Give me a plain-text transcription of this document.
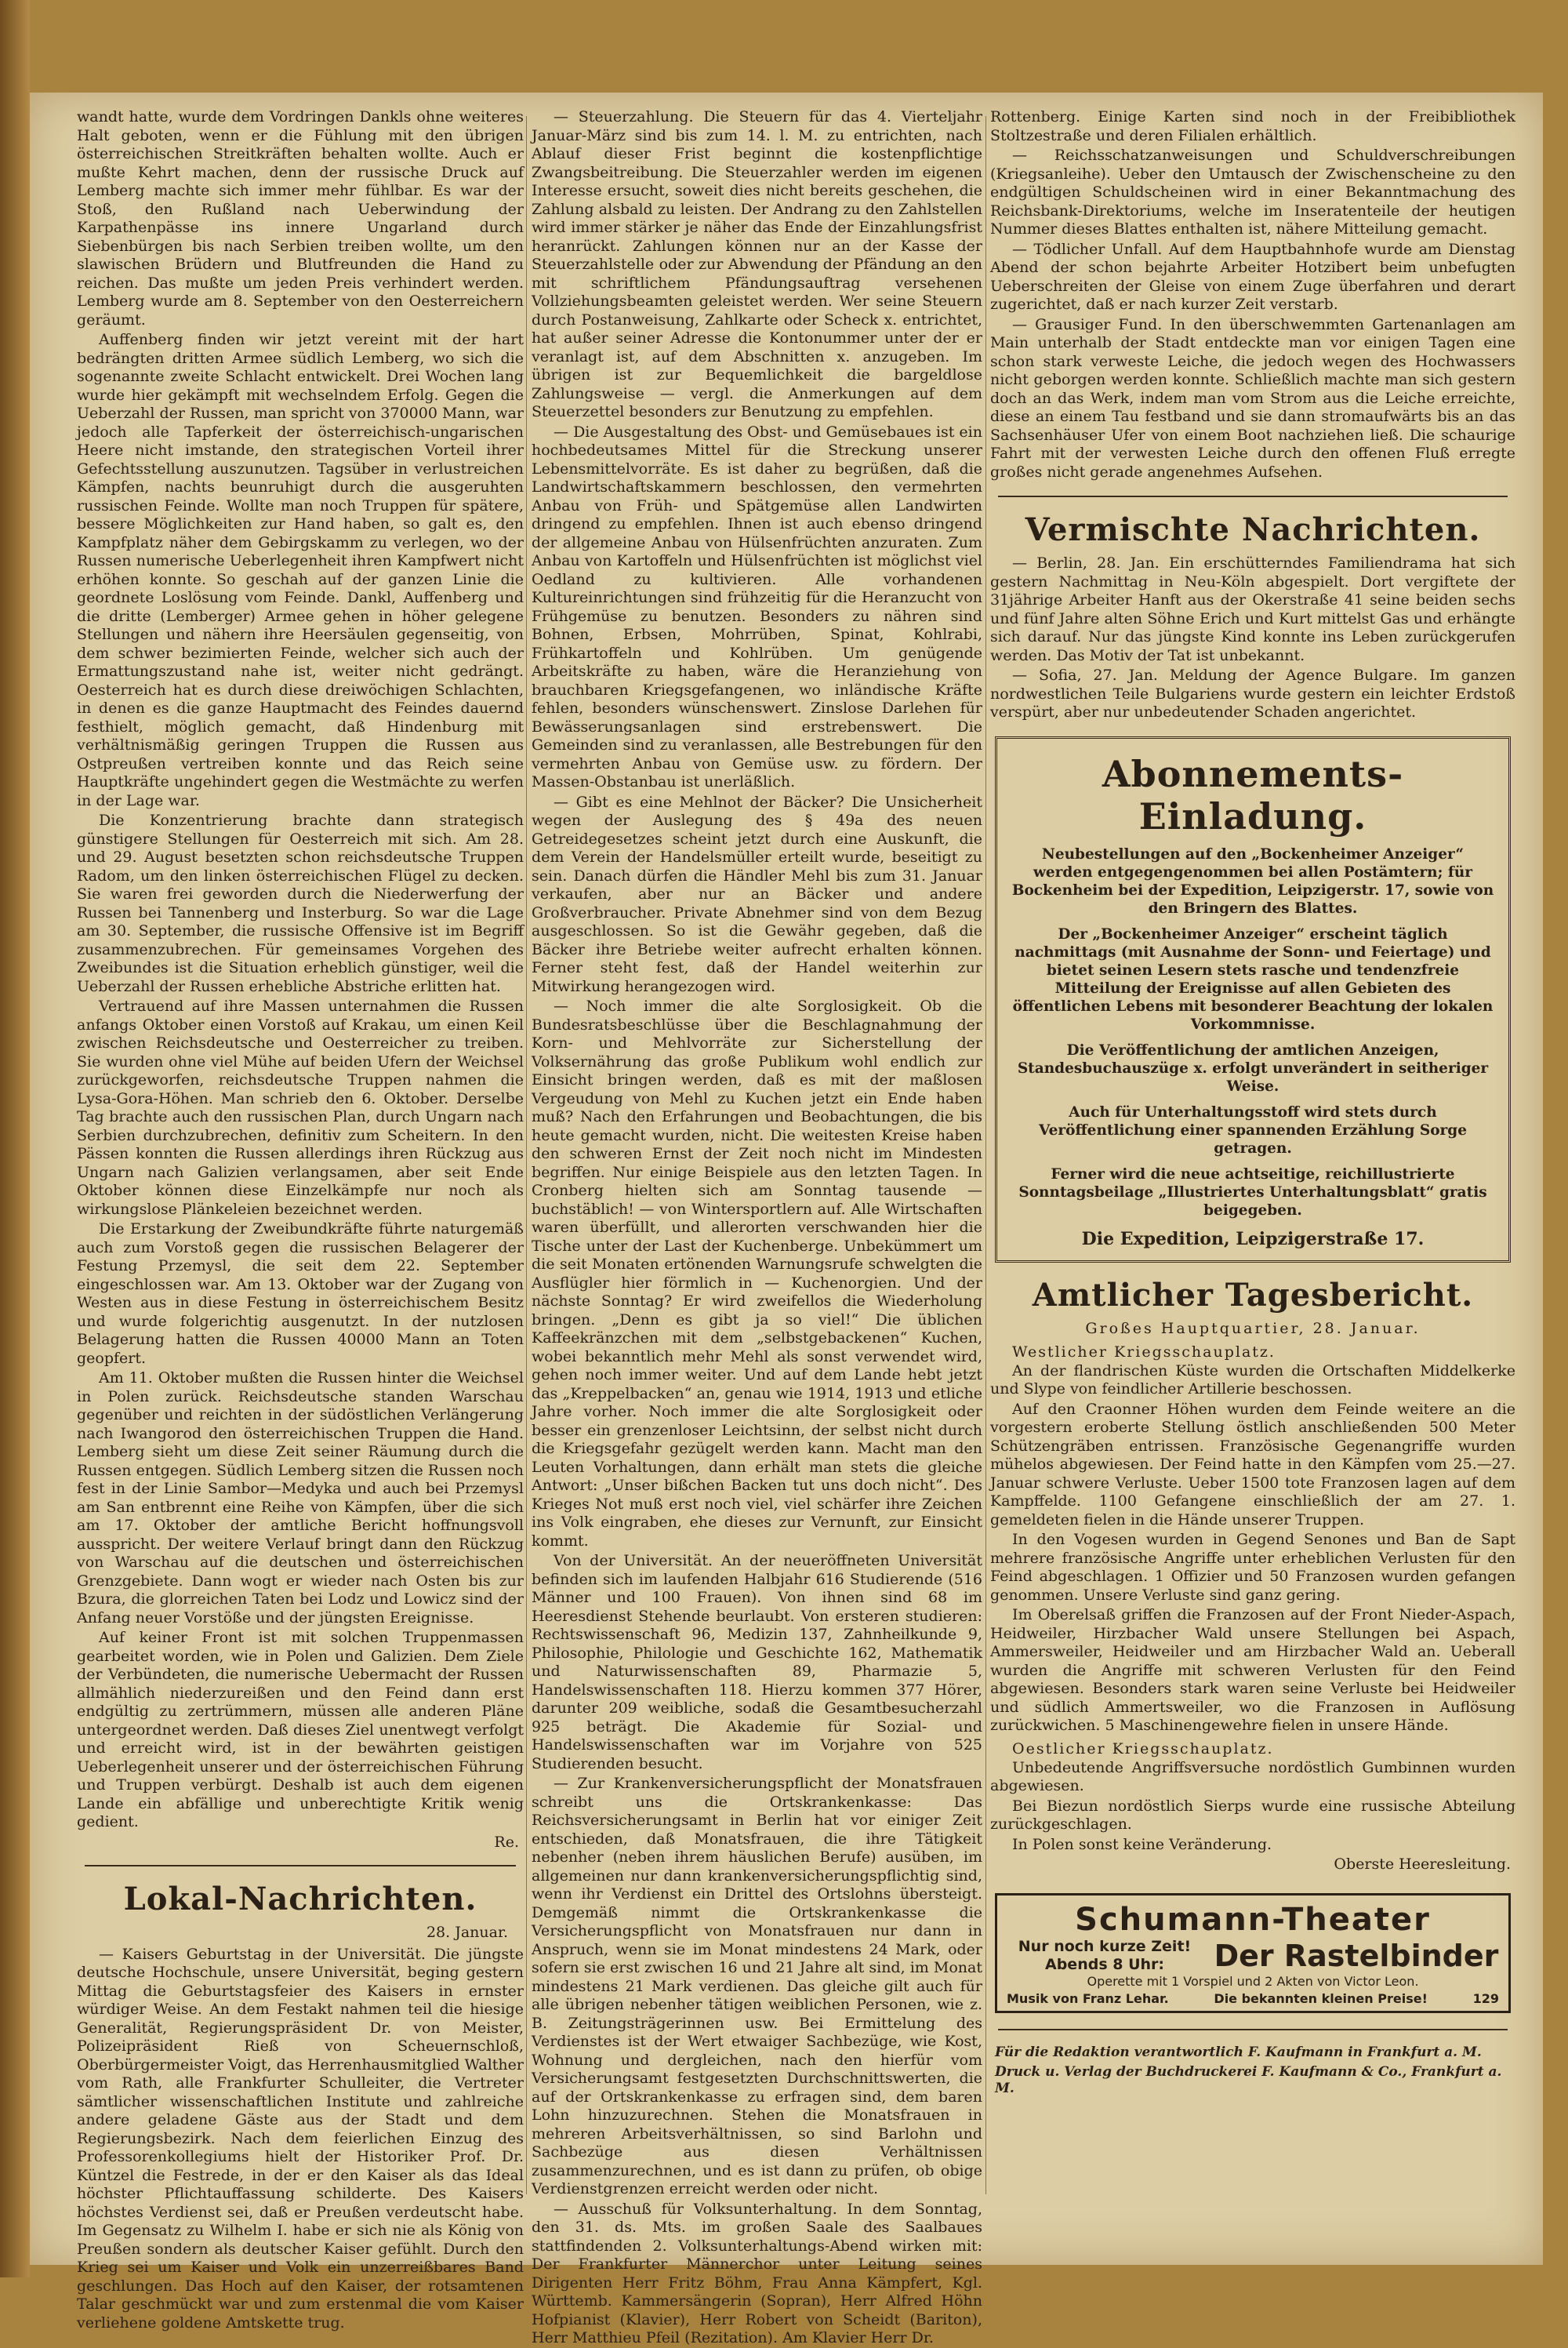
wandt hatte, wurde dem Vordringen Dankls ohne weiteres Halt geboten, wenn er die Fühlung mit den übrigen österreichischen Streitkräften behalten wollte. Auch er mußte Kehrt machen, denn der russische Druck auf Lemberg machte sich immer mehr fühlbar. Es war der Stoß, den Rußland nach Ueberwindung der Karpathenpässe ins innere Ungarland durch Siebenbürgen bis nach Serbien treiben wollte, um den slawischen Brüdern und Blutfreunden die Hand zu reichen. Das mußte um jeden Preis verhindert werden. Lemberg wurde am 8. September von den Oesterreichern geräumt.

Auffenberg finden wir jetzt vereint mit der hart bedrängten dritten Armee südlich Lemberg, wo sich die sogenannte zweite Schlacht entwickelt. Drei Wochen lang wurde hier gekämpft mit wechselndem Erfolg. Gegen die Ueberzahl der Russen, man spricht von 370000 Mann, war jedoch alle Tapferkeit der österreichisch-ungarischen Heere nicht imstande, den strategischen Vorteil ihrer Gefechtsstellung auszunutzen. Tagsüber in verlustreichen Kämpfen, nachts beunruhigt durch die ausgeruhten russischen Feinde. Wollte man noch Truppen für spätere, bessere Möglichkeiten zur Hand haben, so galt es, den Kampfplatz näher dem Gebirgskamm zu verlegen, wo der Russen numerische Ueberlegenheit ihren Kampfwert nicht erhöhen konnte. So geschah auf der ganzen Linie die geordnete Loslösung vom Feinde. Dankl, Auffenberg und die dritte (Lemberger) Armee gehen in höher gelegene Stellungen und nähern ihre Heersäulen gegenseitig, von dem schwer bezimierten Feinde, welcher sich auch der Ermattungszustand nahe ist, weiter nicht gedrängt. Oesterreich hat es durch diese dreiwöchigen Schlachten, in denen es die ganze Hauptmacht des Feindes dauernd festhielt, möglich gemacht, daß Hindenburg mit verhältnismäßig geringen Truppen die Russen aus Ostpreußen vertreiben konnte und das Reich seine Hauptkräfte ungehindert gegen die Westmächte zu werfen in der Lage war.

Die Konzentrierung brachte dann strategisch günstigere Stellungen für Oesterreich mit sich. Am 28. und 29. August besetzten schon reichsdeutsche Truppen Radom, um den linken österreichischen Flügel zu decken. Sie waren frei geworden durch die Niederwerfung der Russen bei Tannenberg und Insterburg. So war die Lage am 30. September, die russische Offensive ist im Begriff zusammenzubrechen. Für gemeinsames Vorgehen des Zweibundes ist die Situation erheblich günstiger, weil die Ueberzahl der Russen erhebliche Abstriche erlitten hat.

Vertrauend auf ihre Massen unternahmen die Russen anfangs Oktober einen Vorstoß auf Krakau, um einen Keil zwischen Reichsdeutsche und Oesterreicher zu treiben. Sie wurden ohne viel Mühe auf beiden Ufern der Weichsel zurückgeworfen, reichsdeutsche Truppen nahmen die Lysa-Gora-Höhen. Man schrieb den 6. Oktober. Derselbe Tag brachte auch den russischen Plan, durch Ungarn nach Serbien durchzubrechen, definitiv zum Scheitern. In den Pässen konnten die Russen allerdings ihren Rückzug aus Ungarn nach Galizien verlangsamen, aber seit Ende Oktober können diese Einzelkämpfe nur noch als wirkungslose Plänkeleien bezeichnet werden.

Die Erstarkung der Zweibundkräfte führte naturgemäß auch zum Vorstoß gegen die russischen Belagerer der Festung Przemysl, die seit dem 22. September eingeschlossen war. Am 13. Oktober war der Zugang von Westen aus in diese Festung in österreichischem Besitz und wurde folgerichtig ausgenutzt. In der nutzlosen Belagerung hatten die Russen 40000 Mann an Toten geopfert.

Am 11. Oktober mußten die Russen hinter die Weichsel in Polen zurück. Reichsdeutsche standen Warschau gegenüber und reichten in der südöstlichen Verlängerung nach Iwangorod den österreichischen Truppen die Hand. Lemberg sieht um diese Zeit seiner Räumung durch die Russen entgegen. Südlich Lemberg sitzen die Russen noch fest in der Linie Sambor—Medyka und auch bei Przemysl am San entbrennt eine Reihe von Kämpfen, über die sich am 17. Oktober der amtliche Bericht hoffnungsvoll ausspricht. Der weitere Verlauf bringt dann den Rückzug von Warschau auf die deutschen und österreichischen Grenzgebiete. Dann wogt er wieder nach Osten bis zur Bzura, die glorreichen Taten bei Lodz und Lowicz sind der Anfang neuer Vorstöße und der jüngsten Ereignisse.

Auf keiner Front ist mit solchen Truppenmassen gearbeitet worden, wie in Polen und Galizien. Dem Ziele der Verbündeten, die numerische Uebermacht der Russen allmählich niederzureißen und den Feind dann erst endgültig zu zertrümmern, müssen alle anderen Pläne untergeordnet werden. Daß dieses Ziel unentwegt verfolgt und erreicht wird, ist in der bewährten geistigen Ueberlegenheit unserer und der österreichischen Führung und Truppen verbürgt. Deshalb ist auch dem eigenen Lande ein abfällige und unberechtigte Kritik wenig gedient.

Re.
Lokal-Nachrichten.
28. Januar.

— Kaisers Geburtstag in der Universität. Die jüngste deutsche Hochschule, unsere Universität, beging gestern Mittag die Geburtstagsfeier des Kaisers in ernster würdiger Weise. An dem Festakt nahmen teil die hiesige Generalität, Regierungspräsident Dr. von Meister, Polizeipräsident Rieß von Scheuernschloß, Oberbürgermeister Voigt, das Herrenhausmitglied Walther vom Rath, alle Frankfurter Schulleiter, die Vertreter sämtlicher wissenschaftlichen Institute und zahlreiche andere geladene Gäste aus der Stadt und dem Regierungsbezirk. Nach dem feierlichen Einzug des Professorenkollegiums hielt der Historiker Prof. Dr. Küntzel die Festrede, in der er den Kaiser als das Ideal höchster Pflichtauffassung schilderte. Des Kaisers höchstes Verdienst sei, daß er Preußen verdeutscht habe. Im Gegensatz zu Wilhelm I. habe er sich nie als König von Preußen sondern als deutscher Kaiser gefühlt. Durch den Krieg sei um Kaiser und Volk ein unzerreißbares Band geschlungen. Das Hoch auf den Kaiser, der rotsamtenen Talar geschmückt war und zum erstenmal die vom Kaiser verliehene goldene Amtskette trug.

— Steuerzahlung. Die Steuern für das 4. Vierteljahr Januar-März sind bis zum 14. l. M. zu entrichten, nach Ablauf dieser Frist beginnt die kostenpflichtige Zwangsbeitreibung. Die Steuerzahler werden im eigenen Interesse ersucht, soweit dies nicht bereits geschehen, die Zahlung alsbald zu leisten. Der Andrang zu den Zahlstellen wird immer stärker je näher das Ende der Einzahlungsfrist heranrückt. Zahlungen können nur an der Kasse der Steuerzahlstelle oder zur Abwendung der Pfändung an den mit schriftlichem Pfändungsauftrag versehenen Vollziehungsbeamten geleistet werden. Wer seine Steuern durch Postanweisung, Zahlkarte oder Scheck x. entrichtet, hat außer seiner Adresse die Kontonummer unter der er veranlagt ist, auf dem Abschnitten x. anzugeben. Im übrigen ist zur Bequemlichkeit die bargeldlose Zahlungsweise — vergl. die Anmerkungen auf dem Steuerzettel besonders zur Benutzung zu empfehlen.

— Die Ausgestaltung des Obst- und Gemüsebaues ist ein hochbedeutsames Mittel für die Streckung unserer Lebensmittelvorräte. Es ist daher zu begrüßen, daß die Landwirtschaftskammern beschlossen, den vermehrten Anbau von Früh- und Spätgemüse allen Landwirten dringend zu empfehlen. Ihnen ist auch ebenso dringend der allgemeine Anbau von Hülsenfrüchten anzuraten. Zum Anbau von Kartoffeln und Hülsenfrüchten ist möglichst viel Oedland zu kultivieren. Alle vorhandenen Kultureinrichtungen sind frühzeitig für die Heranzucht von Frühgemüse zu benutzen. Besonders zu nähren sind Bohnen, Erbsen, Mohrrüben, Spinat, Kohlrabi, Frühkartoffeln und Kohlrüben. Um genügende Arbeitskräfte zu haben, wäre die Heranziehung von brauchbaren Kriegsgefangenen, wo inländische Kräfte fehlen, besonders wünschenswert. Zinslose Darlehen für Bewässerungsanlagen sind erstrebenswert. Die Gemeinden sind zu veranlassen, alle Bestrebungen für den vermehrten Anbau von Gemüse usw. zu fördern. Der Massen-Obstanbau ist unerläßlich.

— Gibt es eine Mehlnot der Bäcker? Die Unsicherheit wegen der Auslegung des § 49a des neuen Getreidegesetzes scheint jetzt durch eine Auskunft, die dem Verein der Handelsmüller erteilt wurde, beseitigt zu sein. Danach dürfen die Händler Mehl bis zum 31. Januar verkaufen, aber nur an Bäcker und andere Großverbraucher. Private Abnehmer sind von dem Bezug ausgeschlossen. So ist die Gewähr gegeben, daß die Bäcker ihre Betriebe weiter aufrecht erhalten können. Ferner steht fest, daß der Handel weiterhin zur Mitwirkung herangezogen wird.

— Noch immer die alte Sorglosigkeit. Ob die Bundesratsbeschlüsse über die Beschlagnahmung der Korn- und Mehlvorräte zur Sicherstellung der Volksernährung das große Publikum wohl endlich zur Einsicht bringen werden, daß es mit der maßlosen Vergeudung von Mehl zu Kuchen jetzt ein Ende haben muß? Nach den Erfahrungen und Beobachtungen, die bis heute gemacht wurden, nicht. Die weitesten Kreise haben den schweren Ernst der Zeit noch nicht im Mindesten begriffen. Nur einige Beispiele aus den letzten Tagen. In Cronberg hielten sich am Sonntag tausende — buchstäblich! — von Wintersportlern auf. Alle Wirtschaften waren überfüllt, und allerorten verschwanden hier die Tische unter der Last der Kuchenberge. Unbekümmert um die seit Monaten ertönenden Warnungsrufe schwelgten die Ausflügler hier förmlich in — Kuchenorgien. Und der nächste Sonntag? Er wird zweifellos die Wiederholung bringen. „Denn es gibt ja so viel!“ Die üblichen Kaffeekränzchen mit dem „selbstgebackenen“ Kuchen, wobei bekanntlich mehr Mehl als sonst verwendet wird, gehen noch immer weiter. Und auf dem Lande hebt jetzt das „Kreppelbacken“ an, genau wie 1914, 1913 und etliche Jahre vorher. Noch immer die alte Sorglosigkeit oder besser ein grenzenloser Leichtsinn, der selbst nicht durch die Kriegsgefahr gezügelt werden kann. Macht man den Leuten Vorhaltungen, dann erhält man stets die gleiche Antwort: „Unser bißchen Backen tut uns doch nicht“. Des Krieges Not muß erst noch viel, viel schärfer ihre Zeichen ins Volk eingraben, ehe dieses zur Vernunft, zur Einsicht kommt.

Von der Universität. An der neueröffneten Universität befinden sich im laufenden Halbjahr 616 Studierende (516 Männer und 100 Frauen). Von ihnen sind 68 im Heeresdienst Stehende beurlaubt. Von ersteren studieren: Rechtswissenschaft 96, Medizin 137, Zahnheilkunde 9, Philosophie, Philologie und Geschichte 162, Mathematik und Naturwissenschaften 89, Pharmazie 5, Handelswissenschaften 118. Hierzu kommen 377 Hörer, darunter 209 weibliche, sodaß die Gesamtbesucherzahl 925 beträgt. Die Akademie für Sozial- und Handelswissenschaften war im Vorjahre von 525 Studierenden besucht.

— Zur Krankenversicherungspflicht der Monatsfrauen schreibt uns die Ortskrankenkasse: Das Reichsversicherungsamt in Berlin hat vor einiger Zeit entschieden, daß Monatsfrauen, die ihre Tätigkeit nebenher (neben ihrem häuslichen Berufe) ausüben, im allgemeinen nur dann krankenversicherungspflichtig sind, wenn ihr Verdienst ein Drittel des Ortslohns übersteigt. Demgemäß nimmt die Ortskrankenkasse die Versicherungspflicht von Monatsfrauen nur dann in Anspruch, wenn sie im Monat mindestens 24 Mark, oder sofern sie erst zwischen 16 und 21 Jahre alt sind, im Monat mindestens 21 Mark verdienen. Das gleiche gilt auch für alle übrigen nebenher tätigen weiblichen Personen, wie z. B. Zeitungsträgerinnen usw. Bei Ermittelung des Verdienstes ist der Wert etwaiger Sachbezüge, wie Kost, Wohnung und dergleichen, nach den hierfür vom Versicherungsamt festgesetzten Durchschnittswerten, die auf der Ortskrankenkasse zu erfragen sind, dem baren Lohn hinzuzurechnen. Stehen die Monatsfrauen in mehreren Arbeitsverhältnissen, so sind Barlohn und Sachbezüge aus diesen Verhältnissen zusammenzurechnen, und es ist dann zu prüfen, ob obige Verdienstgrenzen erreicht werden oder nicht.

— Ausschuß für Volksunterhaltung. In dem Sonntag, den 31. ds. Mts. im großen Saale des Saalbaues stattfindenden 2. Volksunterhaltungs-Abend wirken mit: Der Frankfurter Männerchor unter Leitung seines Dirigenten Herr Fritz Böhm, Frau Anna Kämpfert, Kgl. Württemb. Kammersängerin (Sopran), Herr Alfred Höhn Hofpianist (Klavier), Herr Robert von Scheidt (Bariton), Herr Matthieu Pfeil (Rezitation). Am Klavier Herr Dr.

Rottenberg. Einige Karten sind noch in der Freibibliothek Stoltzestraße und deren Filialen erhältlich.

— Reichsschatzanweisungen und Schuldverschreibungen (Kriegsanleihe). Ueber den Umtausch der Zwischenscheine zu den endgültigen Schuldscheinen wird in einer Bekanntmachung des Reichsbank-Direktoriums, welche im Inseratenteile der heutigen Nummer dieses Blattes enthalten ist, nähere Mitteilung gemacht.

— Tödlicher Unfall. Auf dem Hauptbahnhofe wurde am Dienstag Abend der schon bejahrte Arbeiter Hotzibert beim unbefugten Ueberschreiten der Gleise von einem Zuge überfahren und derart zugerichtet, daß er nach kurzer Zeit verstarb.

— Grausiger Fund. In den überschwemmten Gartenanlagen am Main unterhalb der Stadt entdeckte man vor einigen Tagen eine schon stark verweste Leiche, die jedoch wegen des Hochwassers nicht geborgen werden konnte. Schließlich machte man sich gestern doch an das Werk, indem man vom Strom aus die Leiche erreichte, diese an einem Tau festband und sie dann stromaufwärts bis an das Sachsenhäuser Ufer von einem Boot nachziehen ließ. Die schaurige Fahrt mit der verwesten Leiche durch den offenen Fluß erregte großes nicht gerade angenehmes Aufsehen.

Vermischte Nachrichten.

— Berlin, 28. Jan. Ein erschütterndes Familiendrama hat sich gestern Nachmittag in Neu-Köln abgespielt. Dort vergiftete der 31jährige Arbeiter Hanft aus der Okerstraße 41 seine beiden sechs und fünf Jahre alten Söhne Erich und Kurt mittelst Gas und erhängte sich darauf. Nur das jüngste Kind konnte ins Leben zurückgerufen werden. Das Motiv der Tat ist unbekannt.

— Sofia, 27. Jan. Meldung der Agence Bulgare. Im ganzen nordwestlichen Teile Bulgariens wurde gestern ein leichter Erdstoß verspürt, aber nur unbedeutender Schaden angerichtet.

Abonnements-Einladung.

Neubestellungen auf den „Bockenheimer Anzeiger“ werden entgegengenommen bei allen Postämtern; für Bockenheim bei der Expedition, Leipzigerstr. 17, sowie von den Bringern des Blattes.

Der „Bockenheimer Anzeiger“ erscheint täglich nachmittags (mit Ausnahme der Sonn- und Feiertage) und bietet seinen Lesern stets rasche und tendenzfreie Mitteilung der Ereignisse auf allen Gebieten des öffentlichen Lebens mit besonderer Beachtung der lokalen Vorkommnisse.

Die Veröffentlichung der amtlichen Anzeigen, Standesbuchauszüge x. erfolgt unverändert in seitheriger Weise.

Auch für Unterhaltungsstoff wird stets durch Veröffentlichung einer spannenden Erzählung Sorge getragen.

Ferner wird die neue achtseitige, reichillustrierte Sonntagsbeilage „Illustriertes Unterhaltungsblatt“ gratis beigegeben.

Die Expedition, Leipzigerstraße 17.
Amtlicher Tagesbericht.
Großes Hauptquartier, 28. Januar.
Westlicher Kriegsschauplatz.

An der flandrischen Küste wurden die Ortschaften Middelkerke und Slype von feindlicher Artillerie beschossen.

Auf den Craonner Höhen wurden dem Feinde weitere an die vorgestern eroberte Stellung östlich anschließenden 500 Meter Schützengräben entrissen. Französische Gegenangriffe wurden mühelos abgewiesen. Der Feind hatte in den Kämpfen vom 25.—27. Januar schwere Verluste. Ueber 1500 tote Franzosen lagen auf dem Kampffelde. 1100 Gefangene einschließlich der am 27. 1. gemeldeten fielen in die Hände unserer Truppen.

In den Vogesen wurden in Gegend Senones und Ban de Sapt mehrere französische Angriffe unter erheblichen Verlusten für den Feind abgeschlagen. 1 Offizier und 50 Franzosen wurden gefangen genommen. Unsere Verluste sind ganz gering.

Im Oberelsaß griffen die Franzosen auf der Front Nieder-Aspach, Heidweiler, Hirzbacher Wald unsere Stellungen bei Aspach, Ammersweiler, Heidweiler und am Hirzbacher Wald an. Ueberall wurden die Angriffe mit schweren Verlusten für den Feind abgewiesen. Besonders stark waren seine Verluste bei Heidweiler und südlich Ammertsweiler, wo die Franzosen in Auflösung zurückwichen. 5 Maschinengewehre fielen in unsere Hände.

Oestlicher Kriegsschauplatz.

Unbedeutende Angriffsversuche nordöstlich Gumbinnen wurden abgewiesen.

Bei Biezun nordöstlich Sierps wurde eine russische Abteilung zurückgeschlagen.

In Polen sonst keine Veränderung.

Oberste Heeresleitung.
Schumann-Theater
Nur noch kurze Zeit!
Abends 8 Uhr:	Der Rastelbinder
Operette mit 1 Vorspiel und 2 Akten von Victor Leon.
Musik von Franz Lehar.	Die bekannten kleinen Preise!	129
Für die Redaktion verantwortlich F. Kaufmann in Frankfurt a. M.
Druck u. Verlag der Buchdruckerei F. Kaufmann & Co., Frankfurt a. M.
